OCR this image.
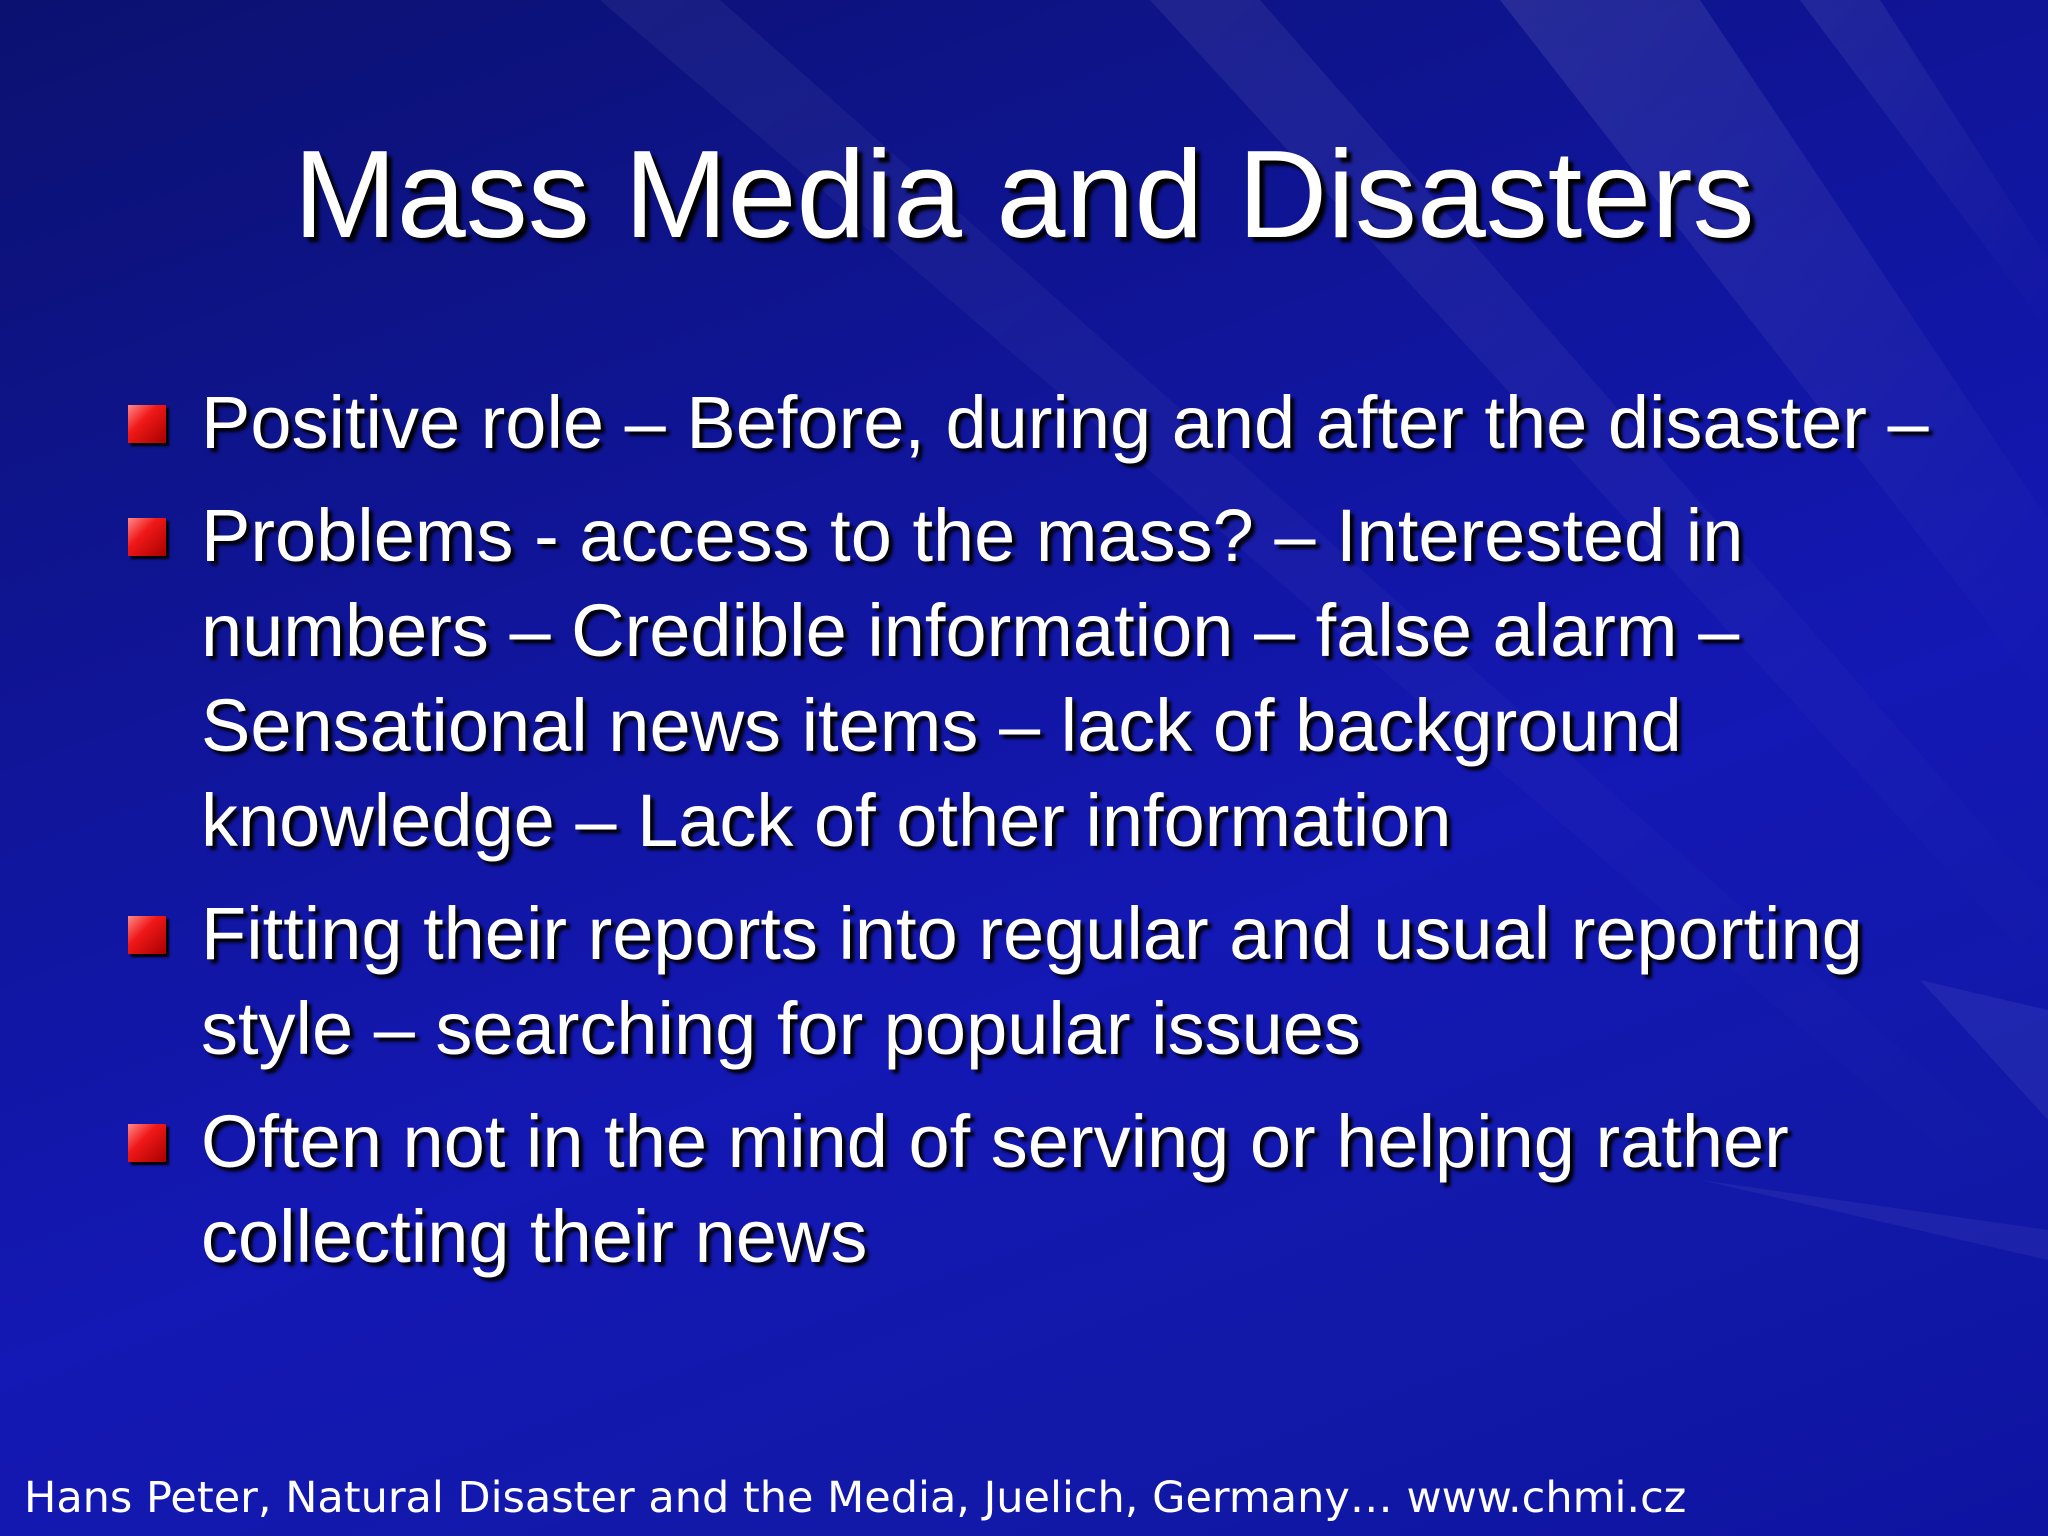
Mass Media and Disasters
Positive role – Before, during and after the disaster –
Problems - access to the mass? – Interested in numbers – Credible information – false alarm – Sensational news items – lack of background knowledge – Lack of other information
Fitting their reports into regular and usual reporting style – searching for popular issues
Often not in the mind of serving or helping rather collecting their news
Hans Peter, Natural Disaster and the Media, Juelich, Germany… www.chmi.cz
